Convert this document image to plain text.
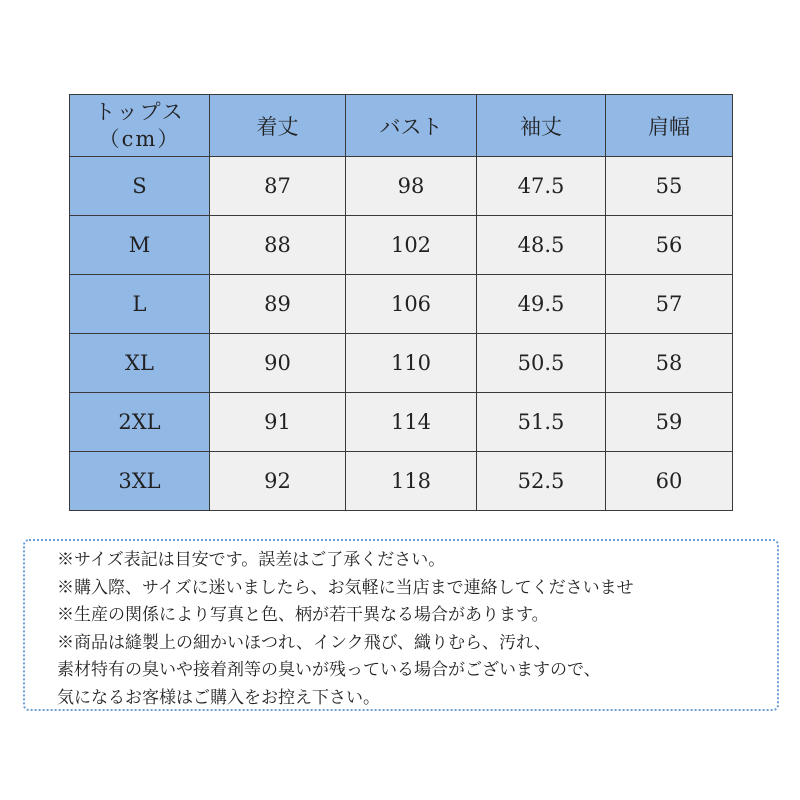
トップス
（cm）	着丈	バスト	袖丈	肩幅
S	87	98	47.5	55
M	88	102	48.5	56
L	89	106	49.5	57
XL	90	110	50.5	58
2XL	91	114	51.5	59
3XL	92	118	52.5	60
※サイズ表記は目安です。誤差はご了承ください。
※購入際、サイズに迷いましたら、お気軽に当店まで連絡してくださいませ
※生産の関係により写真と色、柄が若干異なる場合があります。
※商品は縫製上の細かいほつれ、インク飛び、織りむら、汚れ、
素材特有の臭いや接着剤等の臭いが残っている場合がございますので、
気になるお客様はご購入をお控え下さい。
